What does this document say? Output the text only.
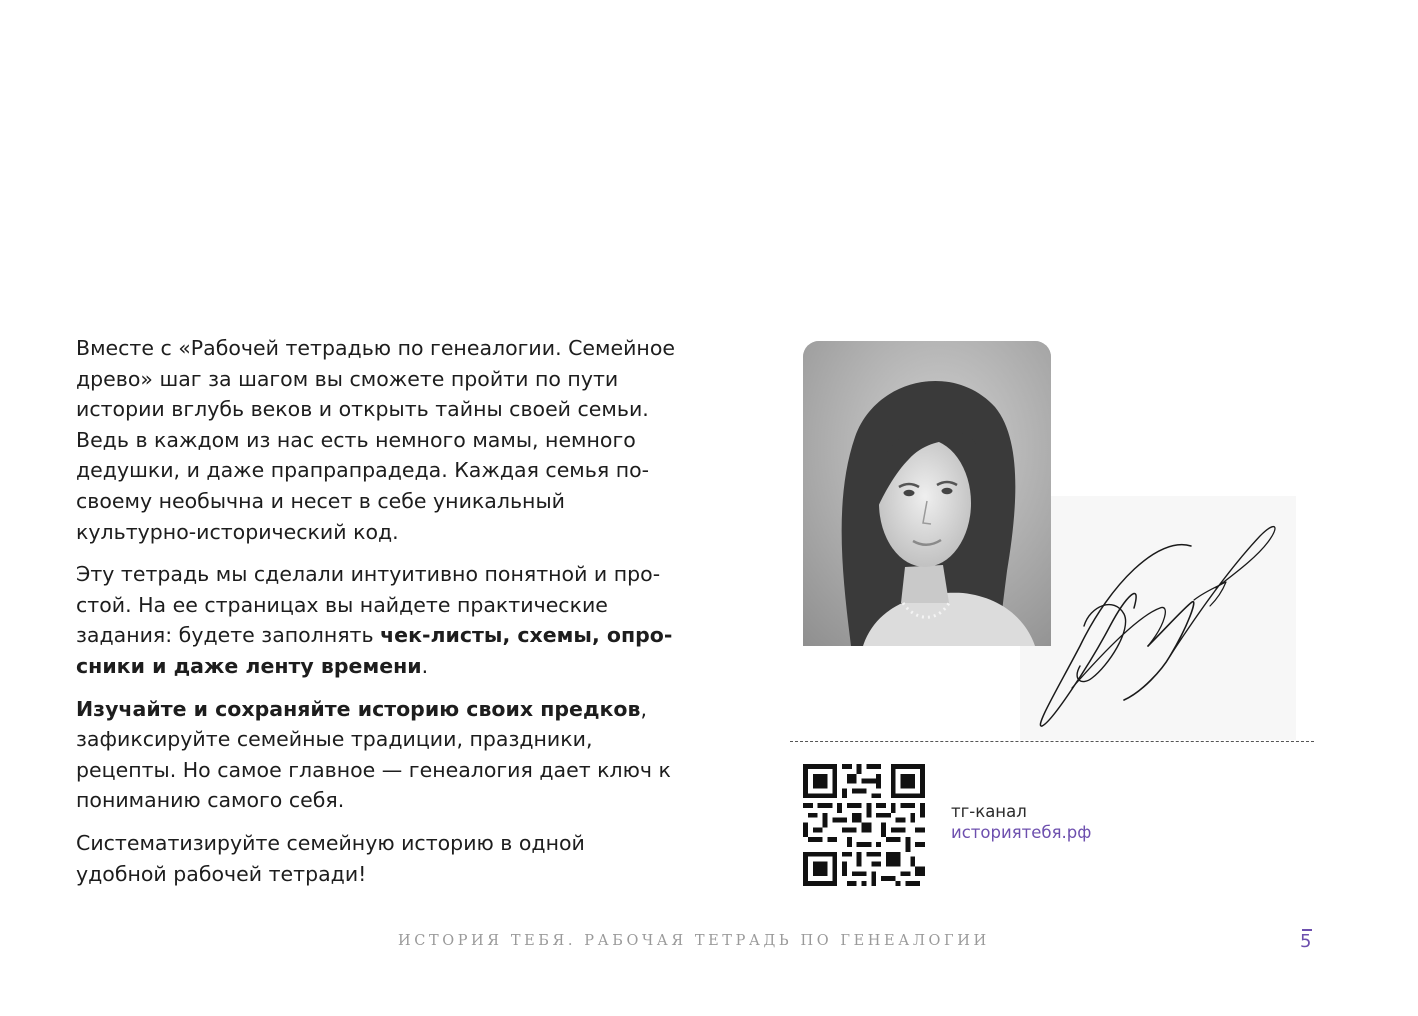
Вместе с «Рабочей тетрадью по генеалогии. Семейное древо» шаг за шагом вы сможете пройти по пути истории вглубь веков и открыть тайны своей семьи. Ведь в каждом из нас есть немного мамы, немного дедушки, и даже прапрапрадеда. Каждая семья по-своему необычна и несет в себе уникальный культурно-исторический код.

Эту тетрадь мы сделали интуитивно понятной и простой. На ее страницах вы найдете практические задания: будете заполнять чек-листы, схемы, опросники и даже ленту времени.

Изучайте и сохраняйте историю своих предков, зафиксируйте семейные традиции, праздники, рецепты. Но самое главное — генеалогия дает ключ к пониманию самого себя.

Систематизируйте семейную историю в одной удобной рабочей тетради!

тг-канал
историятебя.рф
ИСТОРИЯ ТЕБЯ. РАБОЧАЯ ТЕТРАДЬ ПО ГЕНЕАЛОГИИ	5
